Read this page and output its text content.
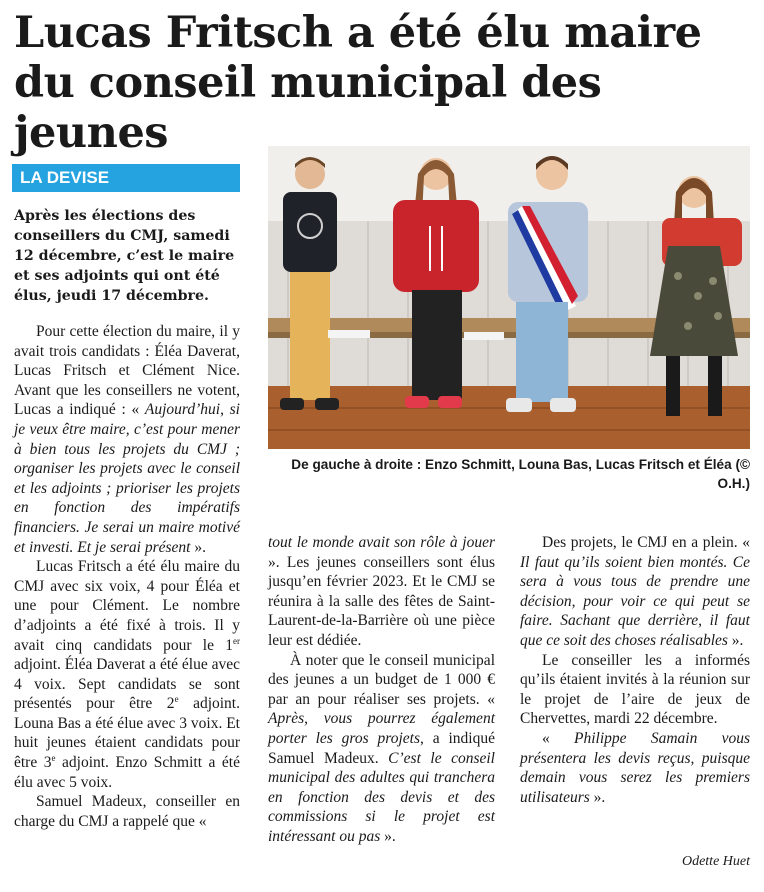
Lucas Fritsch a été élu maire
du conseil municipal des jeunes
LA DEVISE

Après les élections des conseillers du CMJ, samedi 12 décembre, c’est le maire et ses adjoints qui ont été élus, jeudi 17 décembre.

Pour cette élection du maire, il y avait trois candidats : Éléa Daverat, Lucas Fritsch et Clément Nice. Avant que les conseillers ne votent, Lucas a indiqué : « Aujourd’hui, si je veux être maire, c’est pour mener à bien tous les projets du CMJ ; organiser les projets avec le conseil et les adjoints ; prioriser les projets en fonction des impératifs financiers. Je serai un maire motivé et investi. Et je serai présent ».

Lucas Fritsch a été élu maire du CMJ avec six voix, 4 pour Éléa et une pour Clément. Le nombre d’adjoints a été fixé à trois. Il y avait cinq candidats pour le 1er adjoint. Éléa Daverat a été élue avec 4 voix. Sept candidats se sont présentés pour être 2e adjoint. Louna Bas a été élue avec 3 voix. Et huit jeunes étaient candidats pour être 3e adjoint. Enzo Schmitt a été élu avec 5 voix.

Samuel Madeux, conseiller en charge du CMJ a rappelé que «

De gauche à droite : Enzo Schmitt, Louna Bas, Lucas Fritsch et Éléa (© O.H.)

tout le monde avait son rôle à jouer ». Les jeunes conseillers sont élus jusqu’en février 2023. Et le CMJ se réunira à la salle des fêtes de Saint-Laurent-de-la-Barrière où une pièce leur est dédiée.

À noter que le conseil municipal des jeunes a un budget de 1 000 € par an pour réaliser ses projets. « Après, vous pourrez également porter les gros projets, a indiqué Samuel Madeux. C’est le conseil municipal des adultes qui tranchera en fonction des devis et des commissions si le projet est intéressant ou pas ».

Des projets, le CMJ en a plein. « Il faut qu’ils soient bien montés. Ce sera à vous tous de prendre une décision, pour voir ce qui peut se faire. Sachant que derrière, il faut que ce soit des choses réalisables ».

Le conseiller les a informés qu’ils étaient invités à la réunion sur le projet de l’aire de jeux de Chervettes, mardi 22 décembre.

« Philippe Samain vous présentera les devis reçus, puisque demain vous serez les premiers utilisateurs ».

Odette Huet
